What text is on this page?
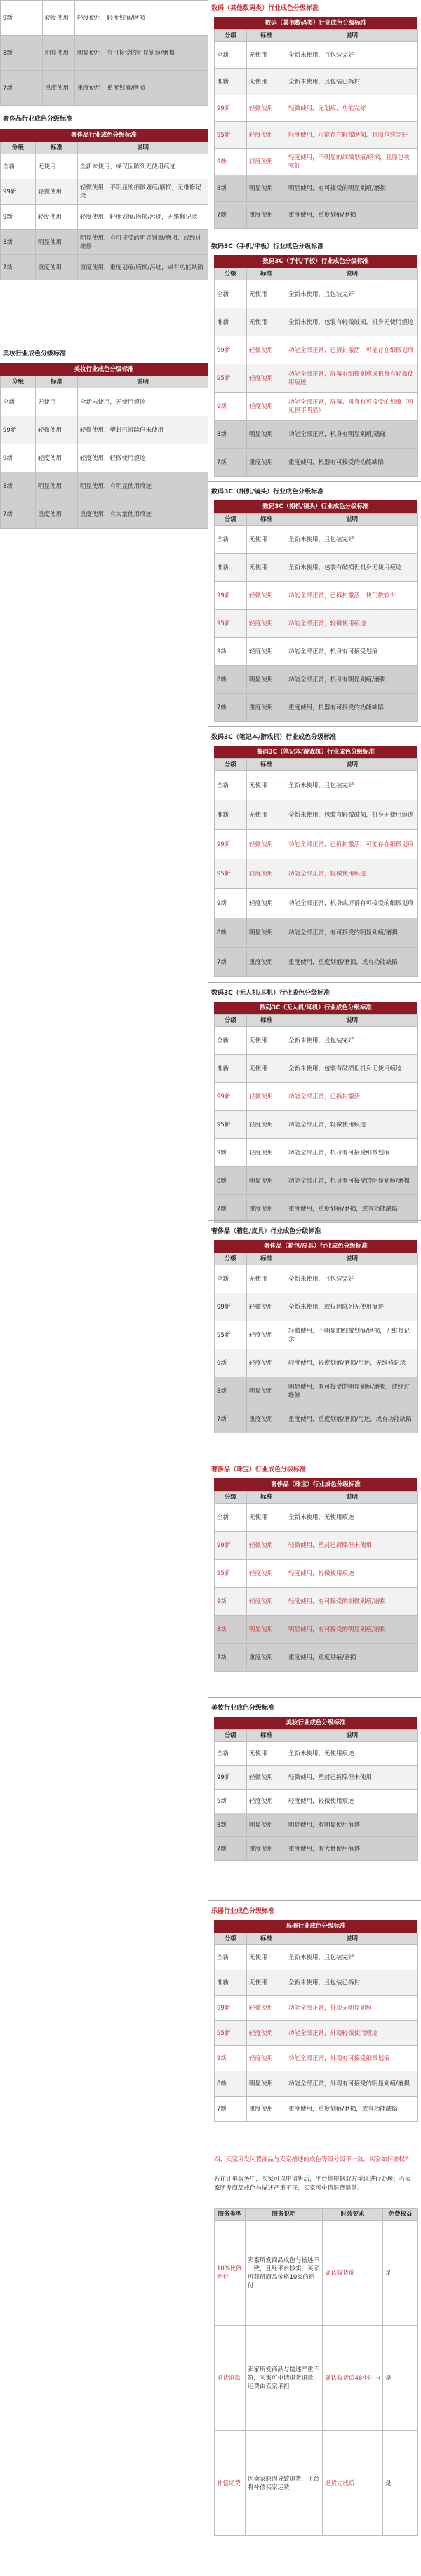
9新	轻度使用	轻度使用，轻度划痕/磨损
8新	明显使用	明显使用，有可接受的明显划痕/磨损
7新	重度使用	重度使用，重度划痕/磨损
奢侈品行业成色分级标准
奢侈品行业成色分级标准
分级	标准	说明
全新	无使用	全新未使用，或仅因陈列无使用痕迹
99新	轻微使用	轻微使用，不明显的细微划痕/磨损，无维修记录
9新	轻度使用	轻度使用，轻度划痕/磨损/污迹，无维修记录
8新	明显使用	明显使用，有可接受的明显划痕/磨损，或经过维修
7新	重度使用	重度使用，重度划痕/磨损/污迹，或有功能缺陷
美妆行业成色分级标准
美妆行业成色分级标准
分级	标准	说明
全新	无使用	全新未使用，无使用痕迹
99新	轻微使用	轻微使用，塑封已拆除但未使用
9新	轻度使用	轻度使用，轻微使用痕迹
8新	明显使用	明显使用，有明显使用痕迹
7新	重度使用	重度使用，有大量使用痕迹
数码（其他数码类）行业成色分级标准
数码（其他数码类）行业成色分级标准
分级	标准	说明
全新	无使用	全新未使用，且包装完好
准新	无使用	全新未使用，且包装已拆封
99新	轻微使用	轻微使用，无划痕，功能完好
95新	轻度使用	轻度使用，可能存在轻微磨损，且原包装完好
9新	轻度使用	轻度使用，不明显的细微划痕/磨损，且原包装完好
8新	明显使用	明显使用，有可接受的明显划痕/磨损
7新	重度使用	重度使用，重度划痕/磨损
数码3C（手机/平板）行业成色分级标准
数码3C（手机/平板）行业成色分级标准
分级	标准	说明
全新	无使用	全新未使用，且包装完好
准新	无使用	全新未使用，包装有轻微破损，机身无使用痕迹
99新	轻微使用	功能全部正常，已拆封激活，可能存在细微划痕
95新	轻度使用	功能全部正常，屏幕有细微划痕或机身有轻微使用痕迹
9新	轻度使用	功能全部正常，屏幕、机身有可接受的划痕（可见但不明显）
8新	明显使用	功能全部正常，机身有明显划痕/磕碰
7新	重度使用	重度使用，机器有可接受的功能缺陷
数码3C（相机/镜头）行业成色分级标准
数码3C（相机/镜头）行业成色分级标准
分级	标准	说明
全新	无使用	全新未使用，且包装完好
准新	无使用	全新未使用，包装有破损但机身无使用痕迹
99新	轻微使用	功能全部正常，已拆封激活，快门数较少
95新	轻度使用	功能全部正常，轻微使用痕迹
9新	轻度使用	功能全部正常，机身有可接受划痕
8新	明显使用	功能全部正常，机身有明显划痕/磨损
7新	重度使用	重度使用，机器有可接受的功能缺陷
数码3C（笔记本/游戏机）行业成色分级标准
数码3C（笔记本/游戏机）行业成色分级标准
分级	标准	说明
全新	无使用	全新未使用，且包装完好
准新	无使用	全新未使用，包装有轻微破损，机身无使用痕迹
99新	轻微使用	功能全部正常，已拆封激活，可能存在细微划痕
95新	轻度使用	功能全部正常，轻微使用痕迹
9新	轻度使用	功能全部正常，机身或屏幕有可接受的细微划痕
8新	明显使用	功能全部正常，有可接受的明显划痕/磨损
7新	重度使用	重度使用，重度划痕/磨损，或有功能缺陷
数码3C（无人机/耳机）行业成色分级标准
数码3C（无人机/耳机）行业成色分级标准
分级	标准	说明
全新	无使用	全新未使用，且包装完好
准新	无使用	全新未使用，包装有破损但机身无使用痕迹
99新	轻微使用	功能全部正常，已拆封激活
95新	轻度使用	功能全部正常，轻微使用痕迹
9新	轻度使用	功能全部正常，机身有可接受细微划痕
8新	明显使用	功能全部正常，机身有可接受的明显划痕/磨损
7新	重度使用	重度使用，重度划痕/磨损，或有功能缺陷
奢侈品（箱包/皮具）行业成色分级标准
奢侈品（箱包/皮具）行业成色分级标准
分级	标准	说明
全新	无使用	全新未使用，且包装完好
99新	轻微使用	全新未使用，或仅因陈列无使用痕迹
95新	轻度使用	轻微使用，不明显的细微划痕/磨损，无维修记录
9新	轻度使用	轻度使用，轻度划痕/磨损/污迹，无维修记录
8新	明显使用	明显使用，有可接受的明显划痕/磨损，或经过维修
7新	重度使用	重度使用，重度划痕/磨损/污迹，或有功能缺陷
奢侈品（珠宝）行业成色分级标准
奢侈品（珠宝）行业成色分级标准
分级	标准	说明
全新	无使用	全新未使用，无使用痕迹
99新	轻微使用	轻微使用，塑封已拆除但未使用
95新	轻度使用	轻度使用，轻微使用痕迹
9新	轻度使用	轻度使用，有可接受的细微划痕/磨损
8新	明显使用	明显使用，有可接受的明显划痕/磨损
7新	重度使用	重度使用，重度划痕/磨损
美妆行业成色分级标准
美妆行业成色分级标准
分级	标准	说明
全新	无使用	全新未使用，无使用痕迹
99新	轻微使用	轻微使用，塑封已拆除但未使用
9新	轻度使用	轻度使用，轻微使用痕迹
8新	明显使用	明显使用，有明显使用痕迹
7新	重度使用	重度使用，有大量使用痕迹
乐器行业成色分级标准
乐器行业成色分级标准
分级	标准	说明
全新	无使用	全新未使用，且包装完好
准新	无使用	全新未使用，且包装已拆封
99新	轻微使用	功能全部正常，外观无明显划痕
95新	轻度使用	功能全部正常，外观轻微使用痕迹
9新	轻度使用	功能全部正常，外观有可接受细微划痕
8新	明显使用	功能全部正常，外观有可接受的明显划痕/磨损
7新	重度使用	重度使用，重度划痕/磨损，或有功能缺陷
四、卖家所发闲置商品与卖家描述的成色等级分级不一致，买家如何维权？
若在订单服务中，买家可以申请售后，平台将根据双方举证进行处理；若卖家所发商品成色与描述严重不符，买家可申请退货退款。
服务类型	服务说明	时效要求	免费权益
10%比例赔付	卖家所发商品成色与描述不一致，且经平台核实，买家可获得商品价格10%的赔付	确认收货前	是
退货退款	卖家所发商品与描述严重不符，买家可申请退货退款，运费由卖家承担	确认收货后48小时内	是
补偿运费	因卖家原因导致退货，平台将补偿买家运费	退货完成后	是
